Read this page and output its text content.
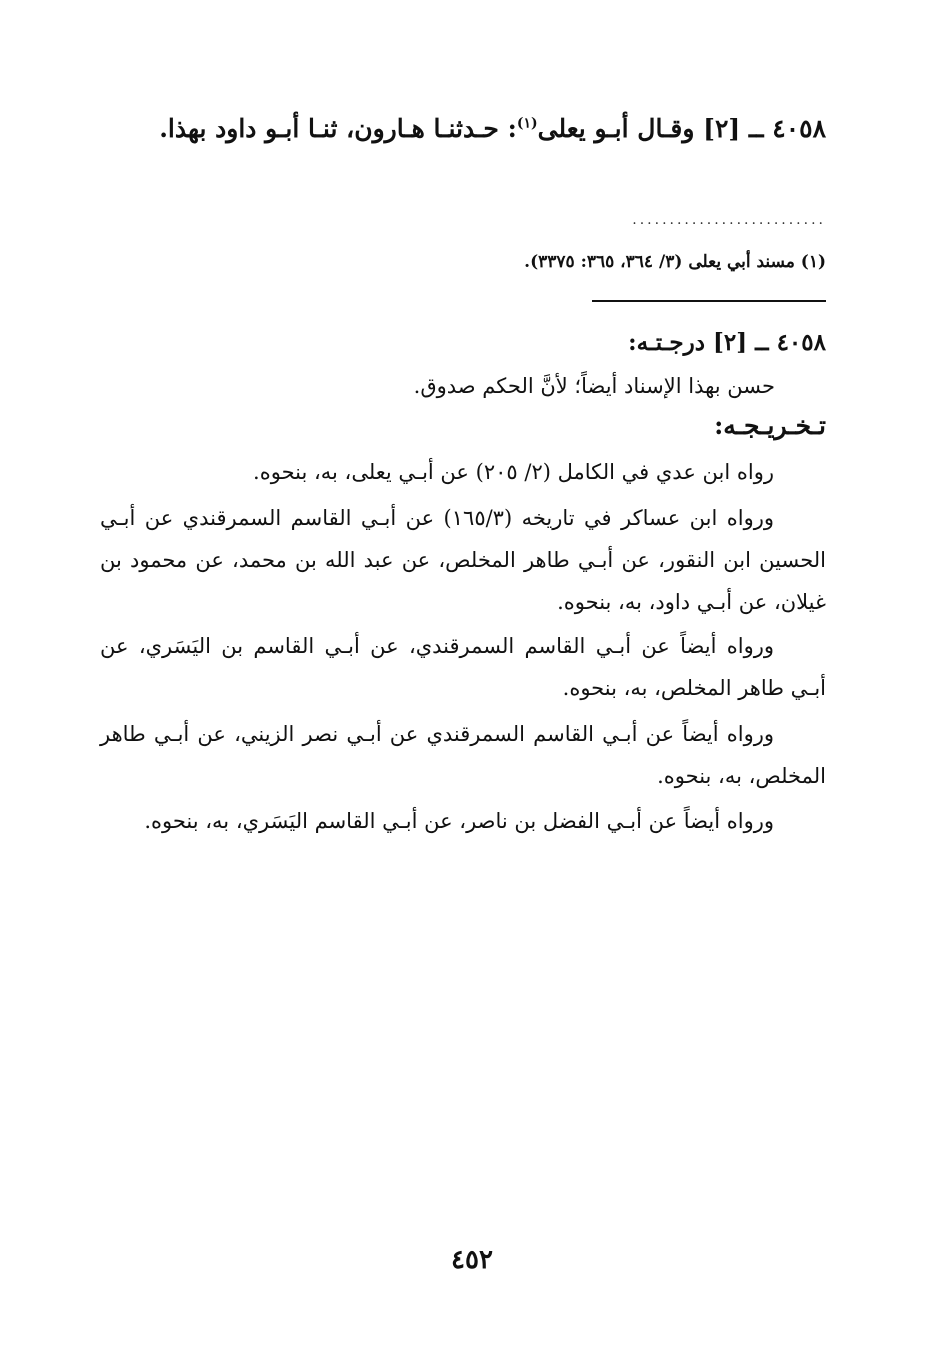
٤٠٥٨ ــ [٢] وقـال أبـو يعلى$^{(١)}$: حـدثنـا هـارون، ثنـا أبـو داود بهذا.
..........................
(١) مسند أبي يعلى (٣/ ٣٦٤، ٣٦٥: ٣٣٧٥).
٤٠٥٨ ــ [٢] درجـتـه:
حسن بهذا الإسناد أيضاً؛ لأنَّ الحكم صدوق.
تـخـريـجـه:
رواه ابن عدي في الكامل (٢/ ٢٠٥) عن أبـي يعلى، به، بنحوه.
ورواه ابن عساكر في تاريخه (١٦٥/٣) عن أبـي القاسم السمرقندي عن أبـي الحسين ابن النقور، عن أبـي طاهر المخلص، عن عبد الله بن محمد، عن محمود بن غيلان، عن أبـي داود، به، بنحوه.
ورواه أيضاً عن أبـي القاسم السمرقندي، عن أبـي القاسم بن اليَسَري، عن أبـي طاهر المخلص، به، بنحوه.
ورواه أيضاً عن أبـي القاسم السمرقندي عن أبـي نصر الزيني، عن أبـي طاهر المخلص، به، بنحوه.
ورواه أيضاً عن أبـي الفضل بن ناصر، عن أبـي القاسم اليَسَري، به، بنحوه.
٤٥٢
